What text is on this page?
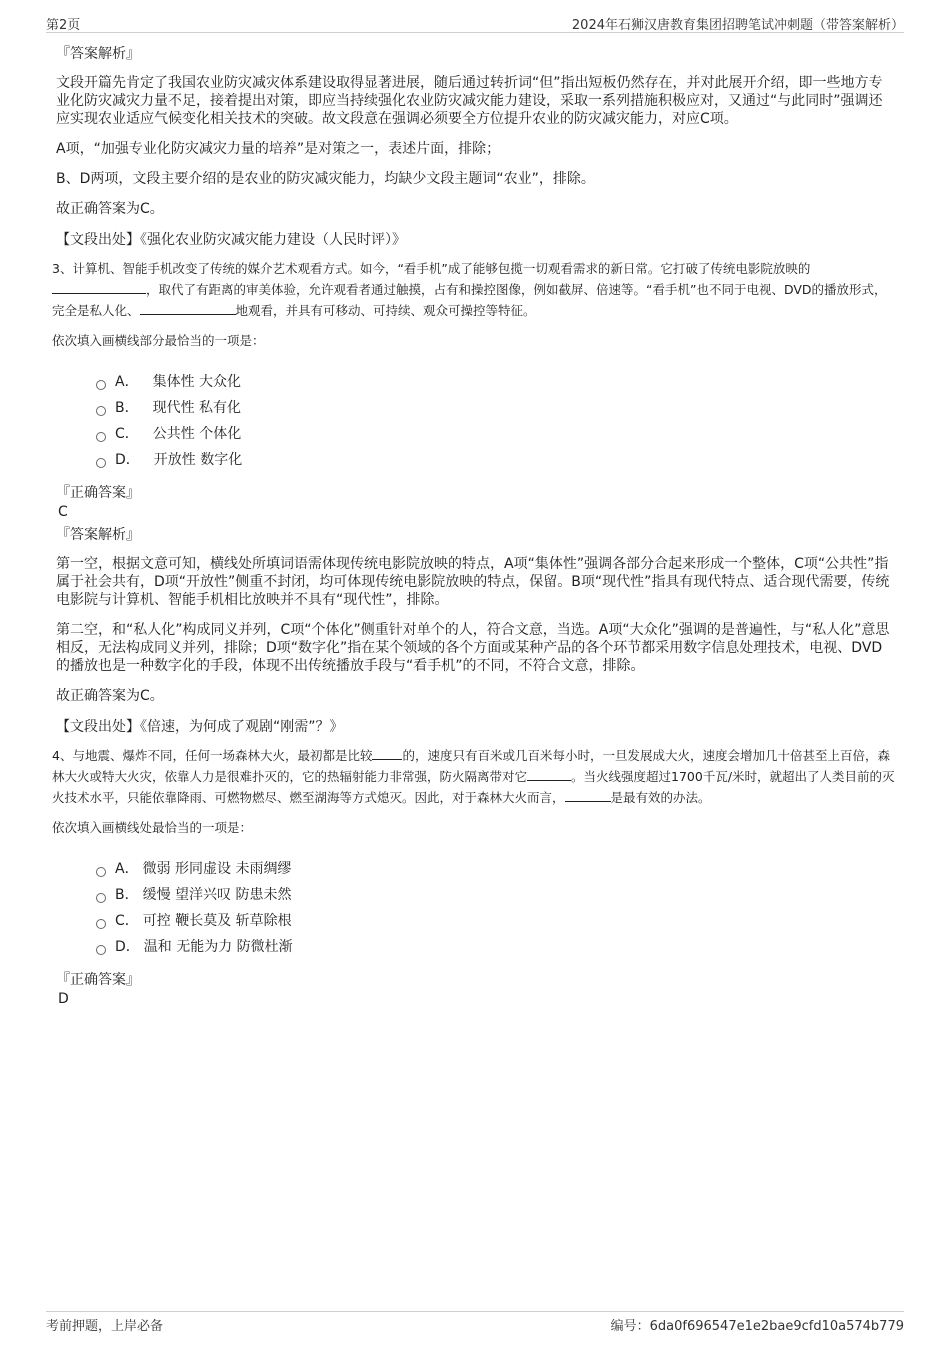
第2页	2024年石狮汉唐教育集团招聘笔试冲刺题（带答案解析）
『答案解析』

文段开篇先肯定了我国农业防灾减灾体系建设取得显著进展，随后通过转折词“但”指出短板仍然存在，并对此展开介绍，即一些地方专业化防灾减灾力量不足，接着提出对策，即应当持续强化农业防灾减灾能力建设，采取一系列措施积极应对，又通过“与此同时”强调还应实现农业适应气候变化相关技术的突破。故文段意在强调必须要全方位提升农业的防灾减灾能力，对应C项。

A项，“加强专业化防灾减灾力量的培养”是对策之一，表述片面，排除；

B、D两项，文段主要介绍的是农业的防灾减灾能力，均缺少文段主题词“农业”，排除。

故正确答案为C。

【文段出处】《强化农业防灾减灾能力建设（人民时评）》
3、计算机、智能手机改变了传统的媒介艺术观看方式。如今，“看手机”成了能够包揽一切观看需求的新日常。它打破了传统电影院放映的，取代了有距离的审美体验，允许观看者通过触摸，占有和操控图像，例如截屏、倍速等。“看手机”也不同于电视、DVD的播放形式，完全是私人化、	地观看，并具有可移动、可持续、观众可操控等特征。
依次填入画横线部分最恰当的一项是：
A． 集体性 大众化
B． 现代性 私有化
C． 公共性 个体化
D． 开放性 数字化
『正确答案』
C
『答案解析』

第一空，根据文意可知，横线处所填词语需体现传统电影院放映的特点，A项“集体性”强调各部分合起来形成一个整体，C项“公共性”指属于社会共有，D项“开放性”侧重不封闭，均可体现传统电影院放映的特点，保留。B项“现代性”指具有现代特点、适合现代需要，传统电影院与计算机、智能手机相比放映并不具有“现代性”，排除。

第二空，和“私人化”构成同义并列，C项“个体化”侧重针对单个的人，符合文意，当选。A项“大众化”强调的是普遍性，与“私人化”意思相反，无法构成同义并列，排除；D项“数字化”指在某个领域的各个方面或某种产品的各个环节都采用数字信息处理技术，电视、DVD的播放也是一种数字化的手段，体现不出传统播放手段与“看手机”的不同，不符合文意，排除。

故正确答案为C。

【文段出处】《倍速，为何成了观剧“刚需”？》
4、与地震、爆炸不同，任何一场森林大火，最初都是比较 的，速度只有百米或几百米每小时，一旦发展成大火，速度会增加几十倍甚至上百倍，森林大火或特大火灾，依靠人力是很难扑灭的，它的热辐射能力非常强，防火隔离带对它	。当火线强度超过1700千瓦/米时，就超出了人类目前的灭火技术水平，只能依靠降雨、可燃物燃尽、燃至湖海等方式熄灭。因此，对于森林大火而言，	是最有效的办法。
依次填入画横线处最恰当的一项是：
A． 微弱 形同虚设 未雨绸缪
B． 缓慢 望洋兴叹 防患未然
C． 可控 鞭长莫及 斩草除根
D． 温和 无能为力 防微杜渐
『正确答案』
D
考前押题，上岸必备	编号：6da0f696547e1e2bae9cfd10a574b779
